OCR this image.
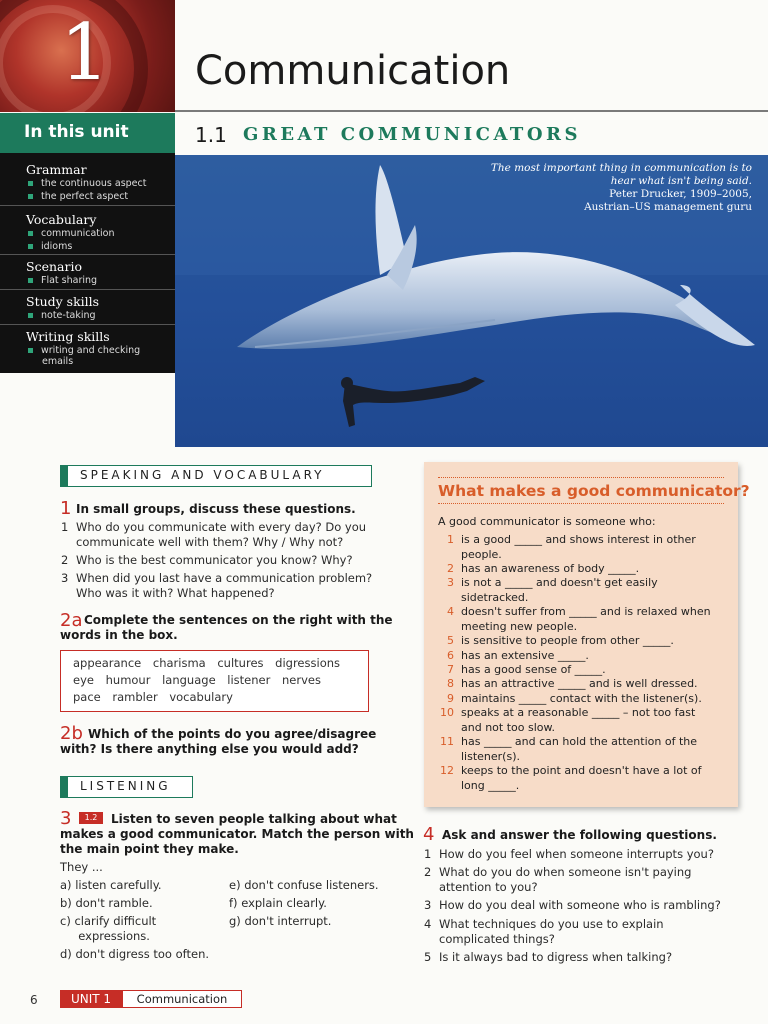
1 Communication
In this unit
Grammar
the continuous aspect
the perfect aspect
Vocabulary
communication
idioms
Scenario
Flat sharing
Study skills
note-taking
Writing skills
writing and checking
emails
1.1 GREAT COMMUNICATORS
The most important thing in communication is to
hear what isn't being said.
Peter Drucker, 1909–2005,
Austrian–US management guru
SPEAKING AND VOCABULARY
1 In small groups, discuss these questions.
1 Who do you communicate with every day? Do you
communicate well with them? Why / Why not?
2 Who is the best communicator you know? Why?
3 When did you last have a communication problem?
Who was it with? What happened?
2a Complete the sentences on the right with the
words in the box.
appearance charisma cultures digressions
eye humour language listener nerves
pace rambler vocabulary
2b Which of the points do you agree/disagree
with? Is there anything else you would add?
LISTENING
3	1.2	Listen to seven people talking about what
makes a good communicator. Match the person with
the main point they make.
They ...
a) listen carefully.
b) don't ramble.
c) clarify difficult
expressions.
d) don't digress too often.
e) don't confuse listeners.
f) explain clearly.
g) don't interrupt.
What makes a good communicator?
A good communicator is someone who:
1 is a good _____ and shows interest in other
people.
2 has an awareness of body _____.
3 is not a _____ and doesn't get easily
sidetracked.
4 doesn't suffer from _____ and is relaxed when
meeting new people.
5 is sensitive to people from other _____.
6 has an extensive _____.
7 has a good sense of _____.
8 has an attractive _____ and is well dressed.
9 maintains _____ contact with the listener(s).
10 speaks at a reasonable _____ – not too fast
and not too slow.
11 has _____ and can hold the attention of the
listener(s).
12 keeps to the point and doesn't have a lot of
long _____.
4 Ask and answer the following questions.
1 How do you feel when someone interrupts you?
2 What do you do when someone isn't paying
attention to you?
3 How do you deal with someone who is rambling?
4 What techniques do you use to explain
complicated things?
5 Is it always bad to digress when talking?
6	UNIT 1	Communication
